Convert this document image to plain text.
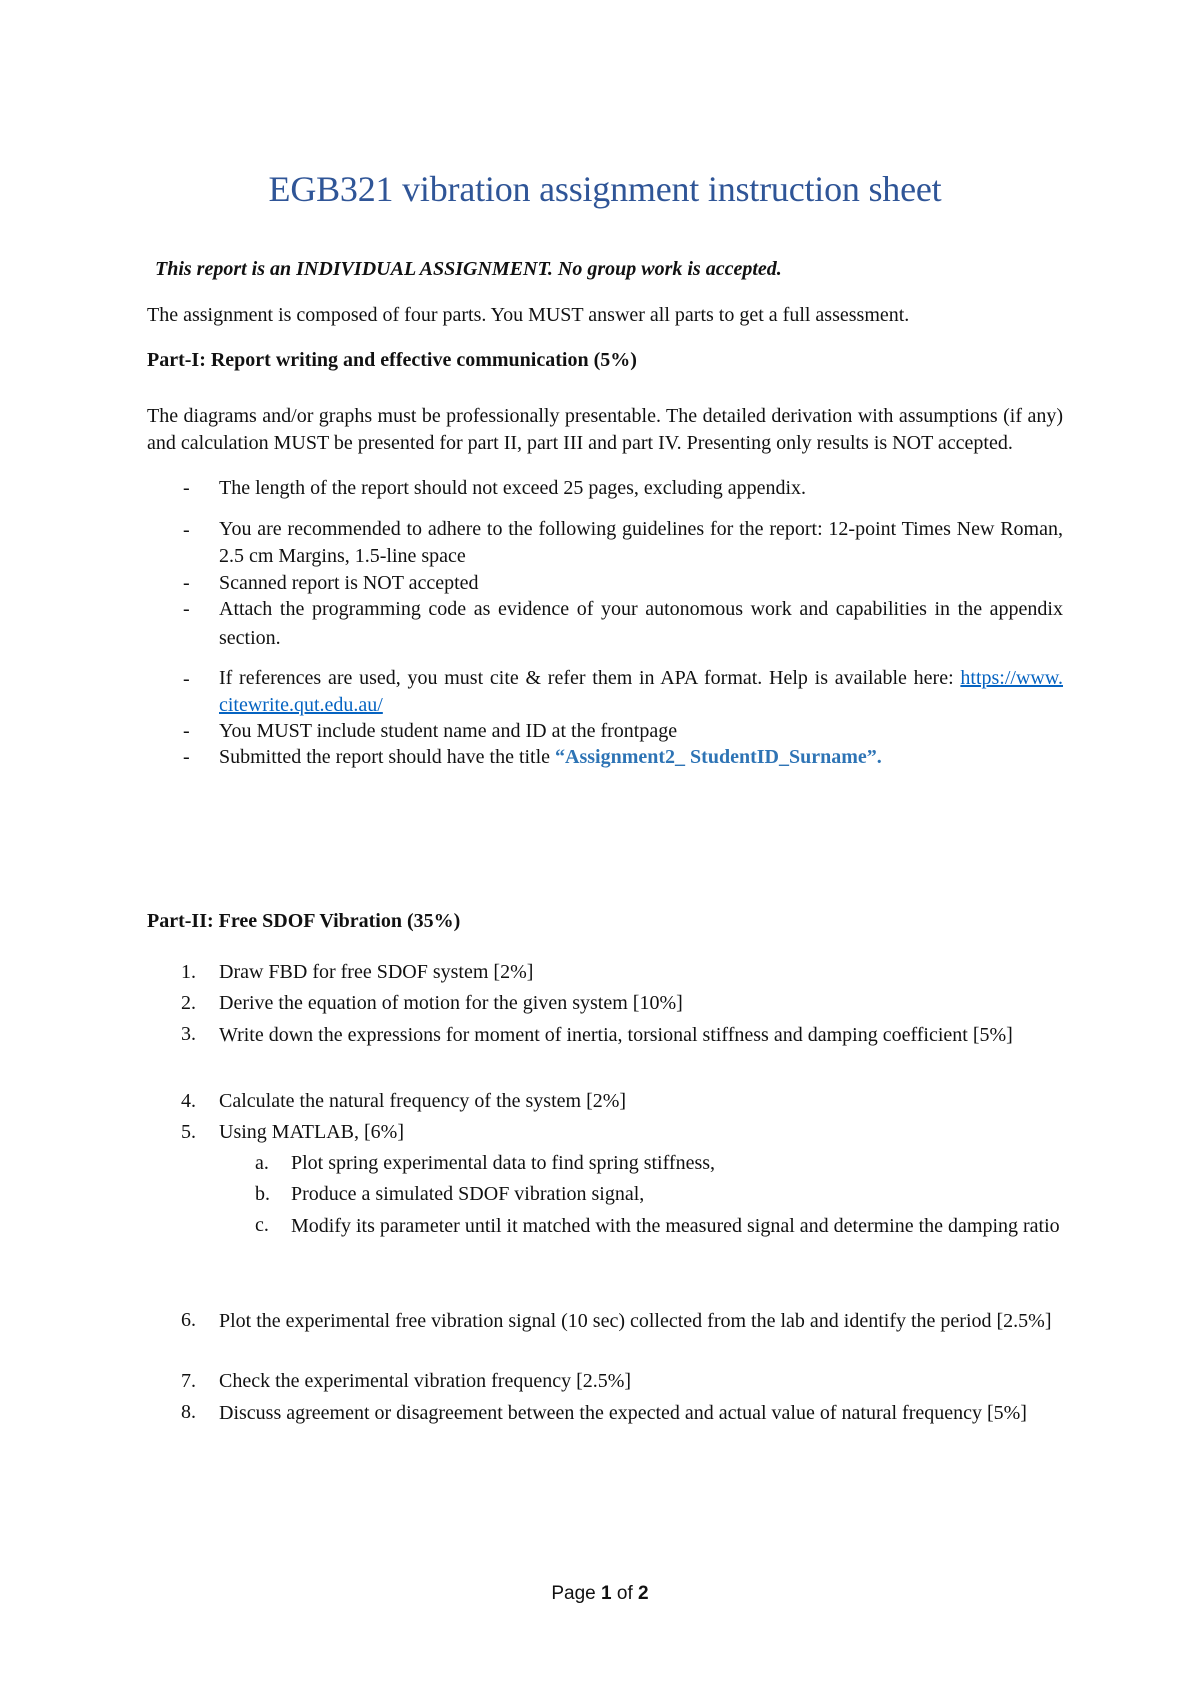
EGB321 vibration assignment instruction sheet

This report is an INDIVIDUAL ASSIGNMENT. No group work is accepted.

The assignment is composed of four parts. You MUST answer all parts to get a full assessment.

Part-I: Report writing and effective communication (5%)

The diagrams and/or graphs must be professionally presentable. The detailed derivation with assumptions (if any) and calculation MUST be presented for part II, part III and part IV. Presenting only results is NOT accepted.

- The length of the report should not exceed 25 pages, excluding appendix.
- You are recommended to adhere to the following guidelines for the report: 12-point Times New Roman, 2.5 cm Margins, 1.5-line space
- Scanned report is NOT accepted
- Attach the programming code as evidence of your autonomous work and capabilities in the appendix section.
- If references are used, you must cite & refer them in APA format. Help is available here: https://www. citewrite.qut.edu.au/
- You MUST include student name and ID at the frontpage
- Submitted the report should have the title “Assignment2_ StudentID_Surname”.

Part-II: Free SDOF Vibration (35%)

1. Draw FBD for free SDOF system [2%]
2. Derive the equation of motion for the given system [10%]
3. Write down the expressions for moment of inertia, torsional stiffness and damping coefficient [5%]
4. Calculate the natural frequency of the system [2%]
5. Using MATLAB, [6%]
6. Plot the experimental free vibration signal (10 sec) collected from the lab and identify the period [2.5%]
7. Check the experimental vibration frequency [2.5%]
8. Discuss agreement or disagreement between the expected and actual value of natural frequency [5%]
a. Plot spring experimental data to find spring stiffness,
b. Produce a simulated SDOF vibration signal,
c. Modify its parameter until it matched with the measured signal and determine the damping ratio
Page 1 of 2
